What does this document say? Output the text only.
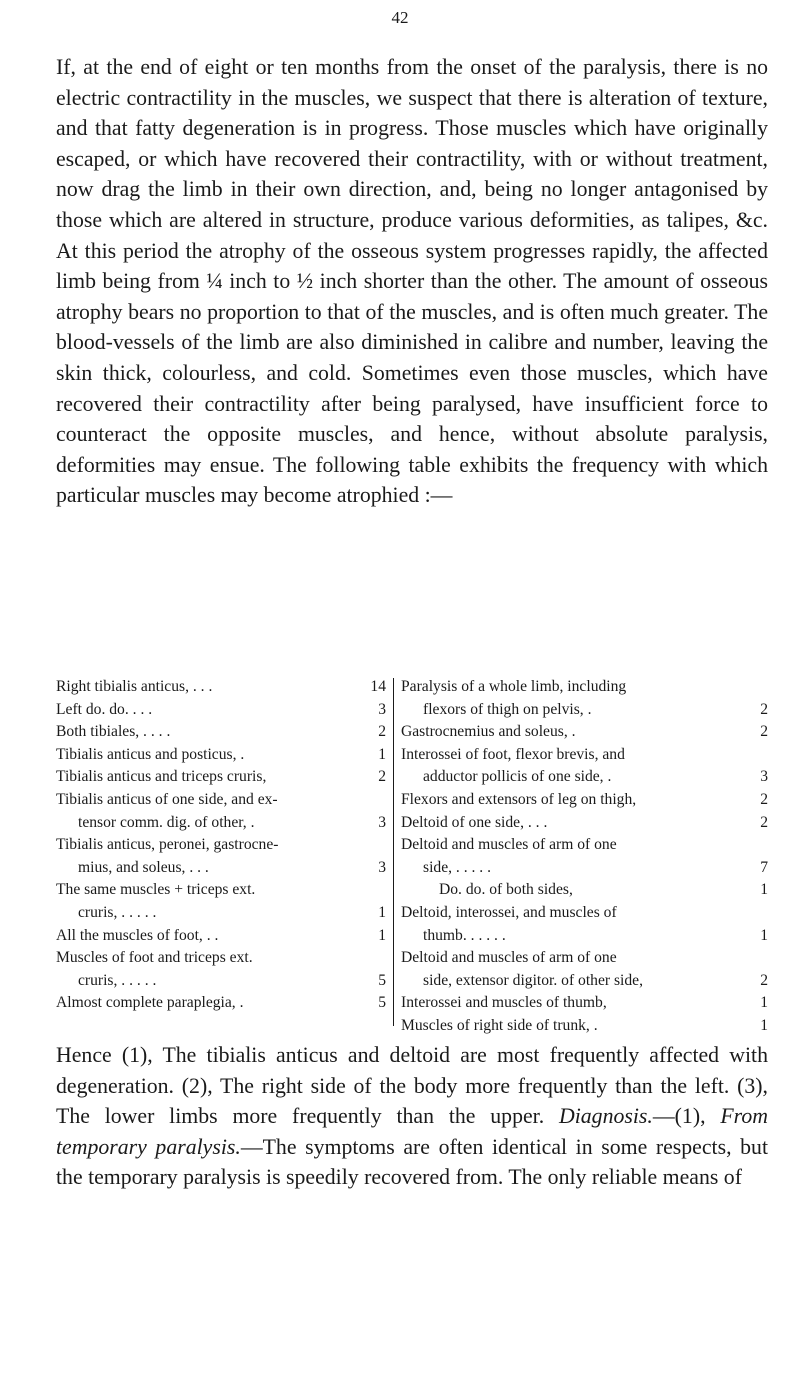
42

If, at the end of eight or ten months from the onset of the paralysis, there is no electric contractility in the muscles, we suspect that there is alteration of texture, and that fatty degeneration is in progress. Those muscles which have originally escaped, or which have recovered their contractility, with or without treatment, now drag the limb in their own direction, and, being no longer antagonised by those which are altered in structure, produce various deformities, as talipes, &c. At this period the atrophy of the osseous system progresses rapidly, the affected limb being from ¼ inch to ½ inch shorter than the other. The amount of osseous atrophy bears no proportion to that of the muscles, and is often much greater. The blood-vessels of the limb are also diminished in calibre and number, leaving the skin thick, colourless, and cold. Sometimes even those muscles, which have recovered their contractility after being paralysed, have insufficient force to counteract the opposite muscles, and hence, without absolute paralysis, deformities may ensue. The following table exhibits the frequency with which particular muscles may become atrophied :—

Right tibialis anticus, . . .	14
Left do. do. . . .	3
Both tibiales, . . . .	2
Tibialis anticus and posticus, .	1
Tibialis anticus and triceps cruris,	2
Tibialis anticus of one side, and ex-
tensor comm. dig. of other, .	3
Tibialis anticus, peronei, gastrocne-
mius, and soleus, . . .	3
The same muscles + triceps ext.
cruris, . . . . .	1
All the muscles of foot, . .	1
Muscles of foot and triceps ext.
cruris, . . . . .	5
Almost complete paraplegia, .	5
Paralysis of a whole limb, including
flexors of thigh on pelvis, .	2
Gastrocnemius and soleus, .	2
Interossei of foot, flexor brevis, and
adductor pollicis of one side, .	3
Flexors and extensors of leg on thigh,	2
Deltoid of one side, . . .	2
Deltoid and muscles of arm of one
side, . . . . .	7
Do. do. of both sides,	1
Deltoid, interossei, and muscles of
thumb. . . . . .	1
Deltoid and muscles of arm of one
side, extensor digitor. of other side,	2
Interossei and muscles of thumb,	1
Muscles of right side of trunk, .	1

Hence (1), The tibialis anticus and deltoid are most frequently affected with degeneration. (2), The right side of the body more frequently than the left. (3), The lower limbs more frequently than the upper. Diagnosis.—(1), From temporary paralysis.—The symptoms are often identical in some respects, but the temporary paralysis is speedily recovered from. The only reliable means of
